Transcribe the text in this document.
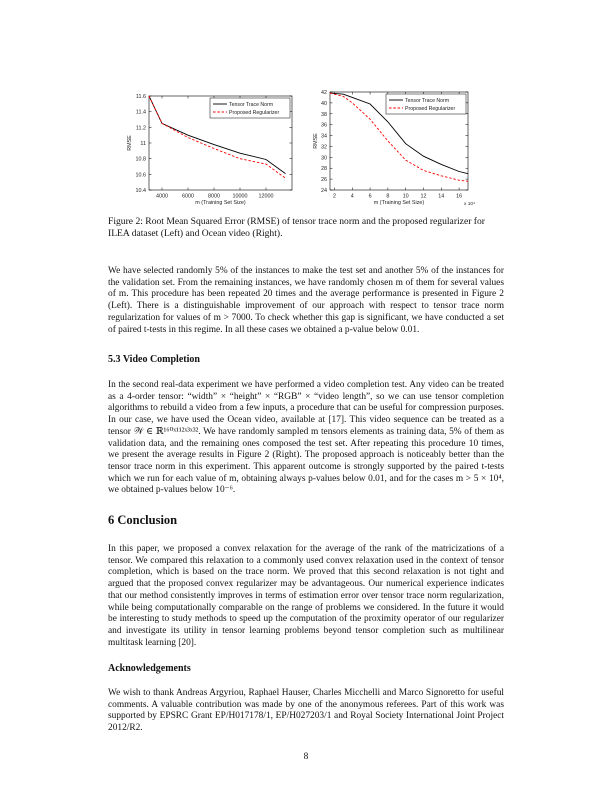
10.4
10.6
10.8
11
11.2
11.4
11.6
4000	6000	8000 10000 12000
m (Training Set Size)
RMSE
Tensor Trace Norm
Proposed Regularizer
24
26
28
30
32
34
36
38
40
42
2	4	6	8 10 12 14 16
x 10⁴
m (Training Set Size)
RMSE
Tensor Trace Norm
Proposed Regularizer
Figure 2: Root Mean Squared Error (RMSE) of tensor trace norm and the proposed regularizer for ILEA dataset (Left) and Ocean video (Right).

We have selected randomly 5% of the instances to make the test set and another 5% of the instances for the validation set. From the remaining instances, we have randomly chosen m of them for several values of m. This procedure has been repeated 20 times and the average performance is presented in Figure 2 (Left). There is a distinguishable improvement of our approach with respect to tensor trace norm regularization for values of m > 7000. To check whether this gap is significant, we have conducted a set of paired t-tests in this regime. In all these cases we obtained a p-value below 0.01.

5.3 Video Completion

In the second real-data experiment we have performed a video completion test. Any video can be treated as a 4-order tensor: “width” × “height” × “RGB” × “video length”, so we can use tensor completion algorithms to rebuild a video from a few inputs, a procedure that can be useful for compression purposes. In our case, we have used the Ocean video, available at [17]. This video sequence can be treated as a tensor 𝒲 ∈ ℝ¹⁶⁰ˣ¹¹²ˣ³ˣ³². We have randomly sampled m tensors elements as training data, 5% of them as validation data, and the remaining ones composed the test set. After repeating this procedure 10 times, we present the average results in Figure 2 (Right). The proposed approach is noticeably better than the tensor trace norm in this experiment. This apparent outcome is strongly supported by the paired t-tests which we run for each value of m, obtaining always p-values below 0.01, and for the cases m > 5 × 10⁴, we obtained p-values below 10⁻⁶.

6 Conclusion

In this paper, we proposed a convex relaxation for the average of the rank of the matricizations of a tensor. We compared this relaxation to a commonly used convex relaxation used in the context of tensor completion, which is based on the trace norm. We proved that this second relaxation is not tight and argued that the proposed convex regularizer may be advantageous. Our numerical experience indicates that our method consistently improves in terms of estimation error over tensor trace norm regularization, while being computationally comparable on the range of problems we considered. In the future it would be interesting to study methods to speed up the computation of the proximity operator of our regularizer and investigate its utility in tensor learning problems beyond tensor completion such as multilinear multitask learning [20].

Acknowledgements

We wish to thank Andreas Argyriou, Raphael Hauser, Charles Micchelli and Marco Signoretto for useful comments. A valuable contribution was made by one of the anonymous referees. Part of this work was supported by EPSRC Grant EP/H017178/1, EP/H027203/1 and Royal Society International Joint Project 2012/R2.

8
